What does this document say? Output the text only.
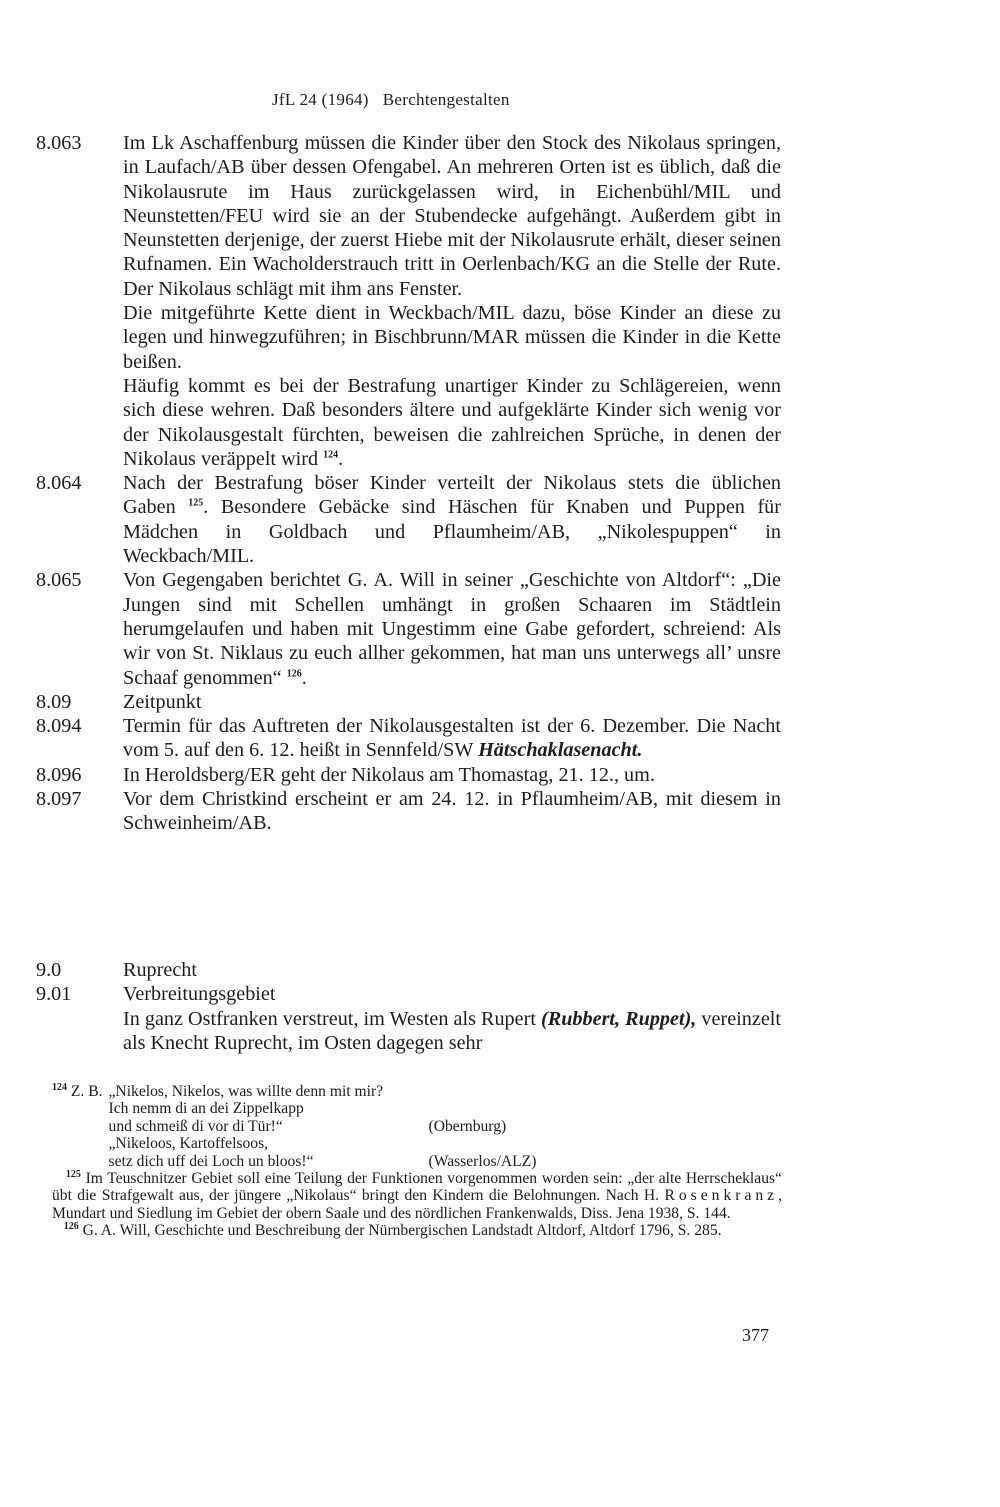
JfL 24 (1964) Berchtengestalten
8.063	Im Lk Aschaffenburg müssen die Kinder über den Stock des Nikolaus springen, in Laufach/AB über dessen Ofengabel. An mehreren Orten ist es üblich, daß die Nikolausrute im Haus zurückgelassen wird, in Eichenbühl/MIL und Neunstetten/FEU wird sie an der Stubendecke aufgehängt. Außerdem gibt in Neunstetten derjenige, der zuerst Hiebe mit der Nikolausrute erhält, dieser seinen Rufnamen. Ein Wacholderstrauch tritt in Oerlenbach/KG an die Stelle der Rute. Der Nikolaus schlägt mit ihm ans Fenster.

Die mitgeführte Kette dient in Weckbach/MIL dazu, böse Kinder an diese zu legen und hinwegzuführen; in Bischbrunn/MAR müssen die Kinder in die Kette beißen.

Häufig kommt es bei der Bestrafung unartiger Kinder zu Schlägereien, wenn sich diese wehren. Daß besonders ältere und aufgeklärte Kinder sich wenig vor der Nikolausgestalt fürchten, beweisen die zahlreichen Sprüche, in denen der Nikolaus veräppelt wird $^{124}$.

8.064	Nach der Bestrafung böser Kinder verteilt der Nikolaus stets die üblichen Gaben $^{125}$. Besondere Gebäcke sind Häschen für Knaben und Puppen für Mädchen in Goldbach und Pflaumheim/AB, „Nikolespuppen“ in Weckbach/MIL.
8.065	Von Gegengaben berichtet G. A. Will in seiner „Geschichte von Altdorf“: „Die Jungen sind mit Schellen umhängt in großen Schaaren im Städtlein herumgelaufen und haben mit Ungestimm eine Gabe gefordert, schreiend: Als wir von St. Niklaus zu euch allher gekommen, hat man uns unterwegs all’ unsre Schaaf genommen“ $^{126}$.
8.09	Zeitpunkt
8.094	Termin für das Auftreten der Nikolausgestalten ist der 6. Dezember. Die Nacht vom 5. auf den 6. 12. heißt in Sennfeld/SW Hätschaklasenacht.
8.096	In Heroldsberg/ER geht der Nikolaus am Thomastag, 21. 12., um.
8.097	Vor dem Christkind erscheint er am 24. 12. in Pflaumheim/AB, mit diesem in Schweinheim/AB.
9.0	Ruprecht
9.01	Verbreitungsgebiet
In ganz Ostfranken verstreut, im Westen als Rupert (Rubbert, Ruppet), vereinzelt als Knecht Ruprecht, im Osten dagegen sehr
$^{124}$ Z. B. „Nikelos, Nikelos, was willte denn mit mir?
Ich nemm di an dei Zippelkapp
und schmeiß di vor di Tür!“	(Obernburg)
„Nikeloos, Kartoffelsoos,
setz dich uff dei Loch un bloos!“	(Wasserlos/ALZ)

$^{125}$ Im Teuschnitzer Gebiet soll eine Teilung der Funktionen vorgenommen worden sein: „der alte Herrscheklaus“ übt die Strafgewalt aus, der jüngere „Nikolaus“ bringt den Kindern die Belohnungen. Nach H. Rosenkranz, Mundart und Siedlung im Gebiet der obern Saale und des nördlichen Frankenwalds, Diss. Jena 1938, S. 144.

$^{126}$ G. A. Will, Geschichte und Beschreibung der Nürnbergischen Landstadt Altdorf, Altdorf 1796, S. 285.

377
